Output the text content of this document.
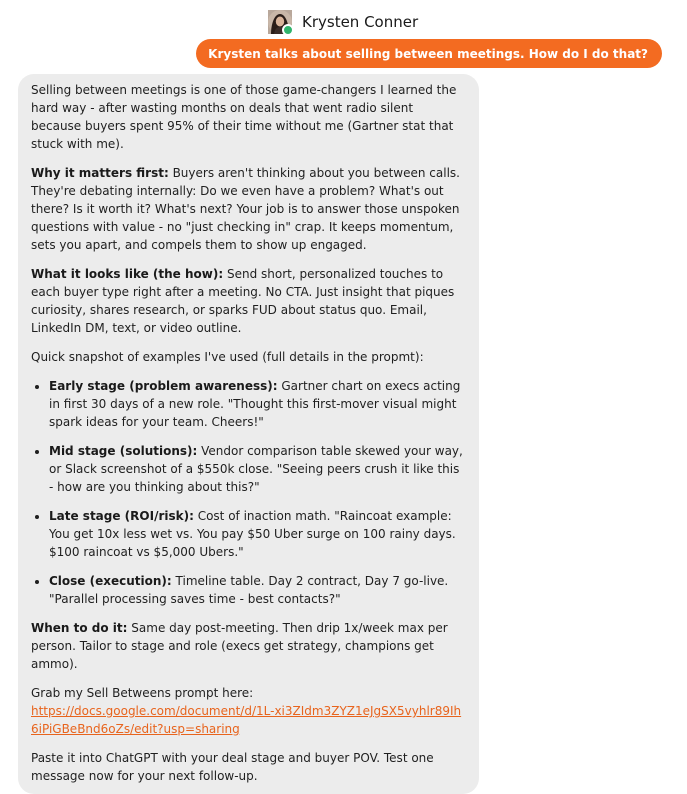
Krysten Conner
Krysten talks about selling between meetings. How do I do that?

Selling between meetings is one of those game-changers I learned the hard way - after wasting months on deals that went radio silent because buyers spent 95% of their time without me (Gartner stat that stuck with me).

Why it matters first: Buyers aren't thinking about you between calls. They're debating internally: Do we even have a problem? What's out there? Is it worth it? What's next? Your job is to answer those unspoken questions with value - no "just checking in" crap. It keeps momentum, sets you apart, and compels them to show up engaged.

What it looks like (the how): Send short, personalized touches to each buyer type right after a meeting. No CTA. Just insight that piques curiosity, shares research, or sparks FUD about status quo. Email, LinkedIn DM, text, or video outline.

Quick snapshot of examples I've used (full details in the propmt):

• Early stage (problem awareness): Gartner chart on execs acting in first 30 days of a new role. "Thought this first-mover visual might spark ideas for your team. Cheers!"
• Mid stage (solutions): Vendor comparison table skewed your way, or Slack screenshot of a $550k close. "Seeing peers crush it like this - how are you thinking about this?"
• Late stage (ROI/risk): Cost of inaction math. "Raincoat example: You get 10x less wet vs. You pay $50 Uber surge on 100 rainy days. $100 raincoat vs $5,000 Ubers."
• Close (execution): Timeline table. Day 2 contract, Day 7 go-live. "Parallel processing saves time - best contacts?"

When to do it: Same day post-meeting. Then drip 1x/week max per person. Tailor to stage and role (execs get strategy, champions get ammo).

Grab my Sell Betweens prompt here:
https://docs.google.com/document/d/1L-xi3ZIdm3ZYZ1eJgSX5vyhlr89Ih6iPiGBeBnd6oZs/edit?usp=sharing

Paste it into ChatGPT with your deal stage and buyer POV. Test one message now for your next follow-up.
